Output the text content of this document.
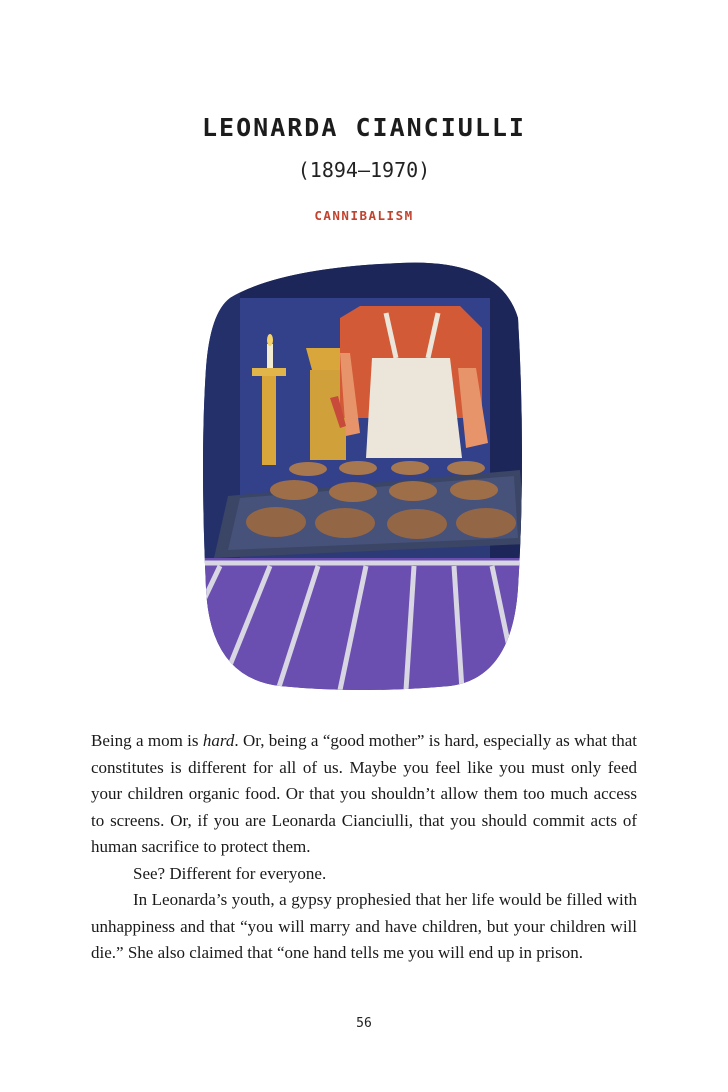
LEONARDA CIANCIULLI
(1894–1970)
CANNIBALISM

Being a mom is hard. Or, being a “good mother” is hard, especially as what that constitutes is different for all of us. Maybe you feel like you must only feed your children organic food. Or that you shouldn’t allow them too much access to screens. Or, if you are Leonarda Cianciulli, that you should commit acts of human sacrifice to protect them.

See? Different for everyone.

In Leonarda’s youth, a gypsy prophesied that her life would be filled with unhappiness and that “you will marry and have children, but your children will die.” She also claimed that “one hand tells me you will end up in prison.

56
